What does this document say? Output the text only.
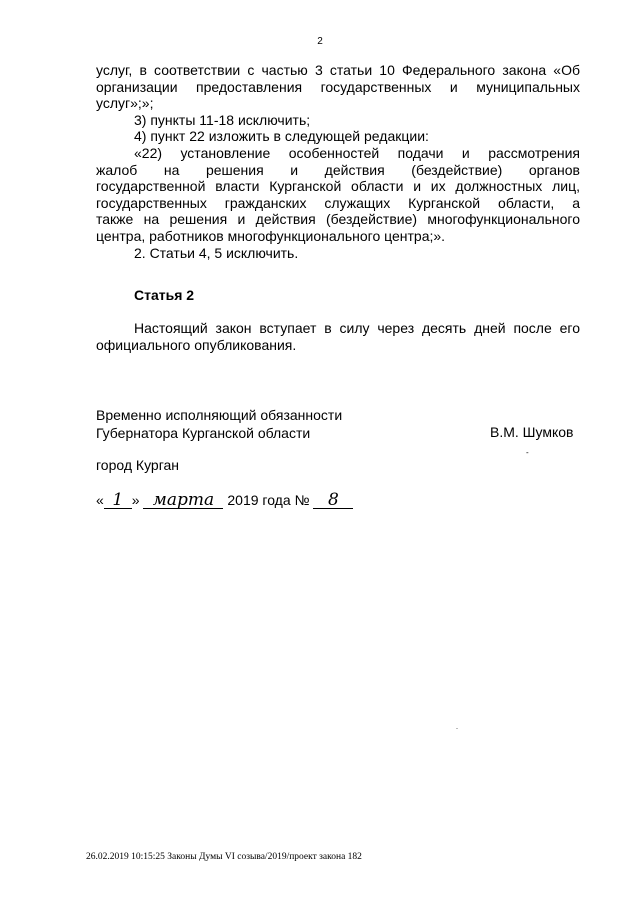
2
услуг, в соответствии с частью 3 статьи 10 Федерального закона «Об
организации предоставления государственных и муниципальных
услуг»;»;
3) пункты 11-18 исключить;
4) пункт 22 изложить в следующей редакции:
«22) установление особенностей подачи и рассмотрения
жалоб на решения и действия (бездействие) органов
государственной власти Курганской области и их должностных лиц,
государственных гражданских служащих Курганской области, а
также на решения и действия (бездействие) многофункционального
центра, работников многофункционального центра;».
2. Статьи 4, 5 исключить.
Статья 2
Настоящий закон вступает в силу через десять дней после его
официального опубликования.
Временно исполняющий обязанности
Губернатора Курганской области	В.М. Шумков
-
город Курган
« 1 » марта 2019 года № 8
26.02.2019 10:15:25 Законы Думы VI созыва/2019/проект закона 182
